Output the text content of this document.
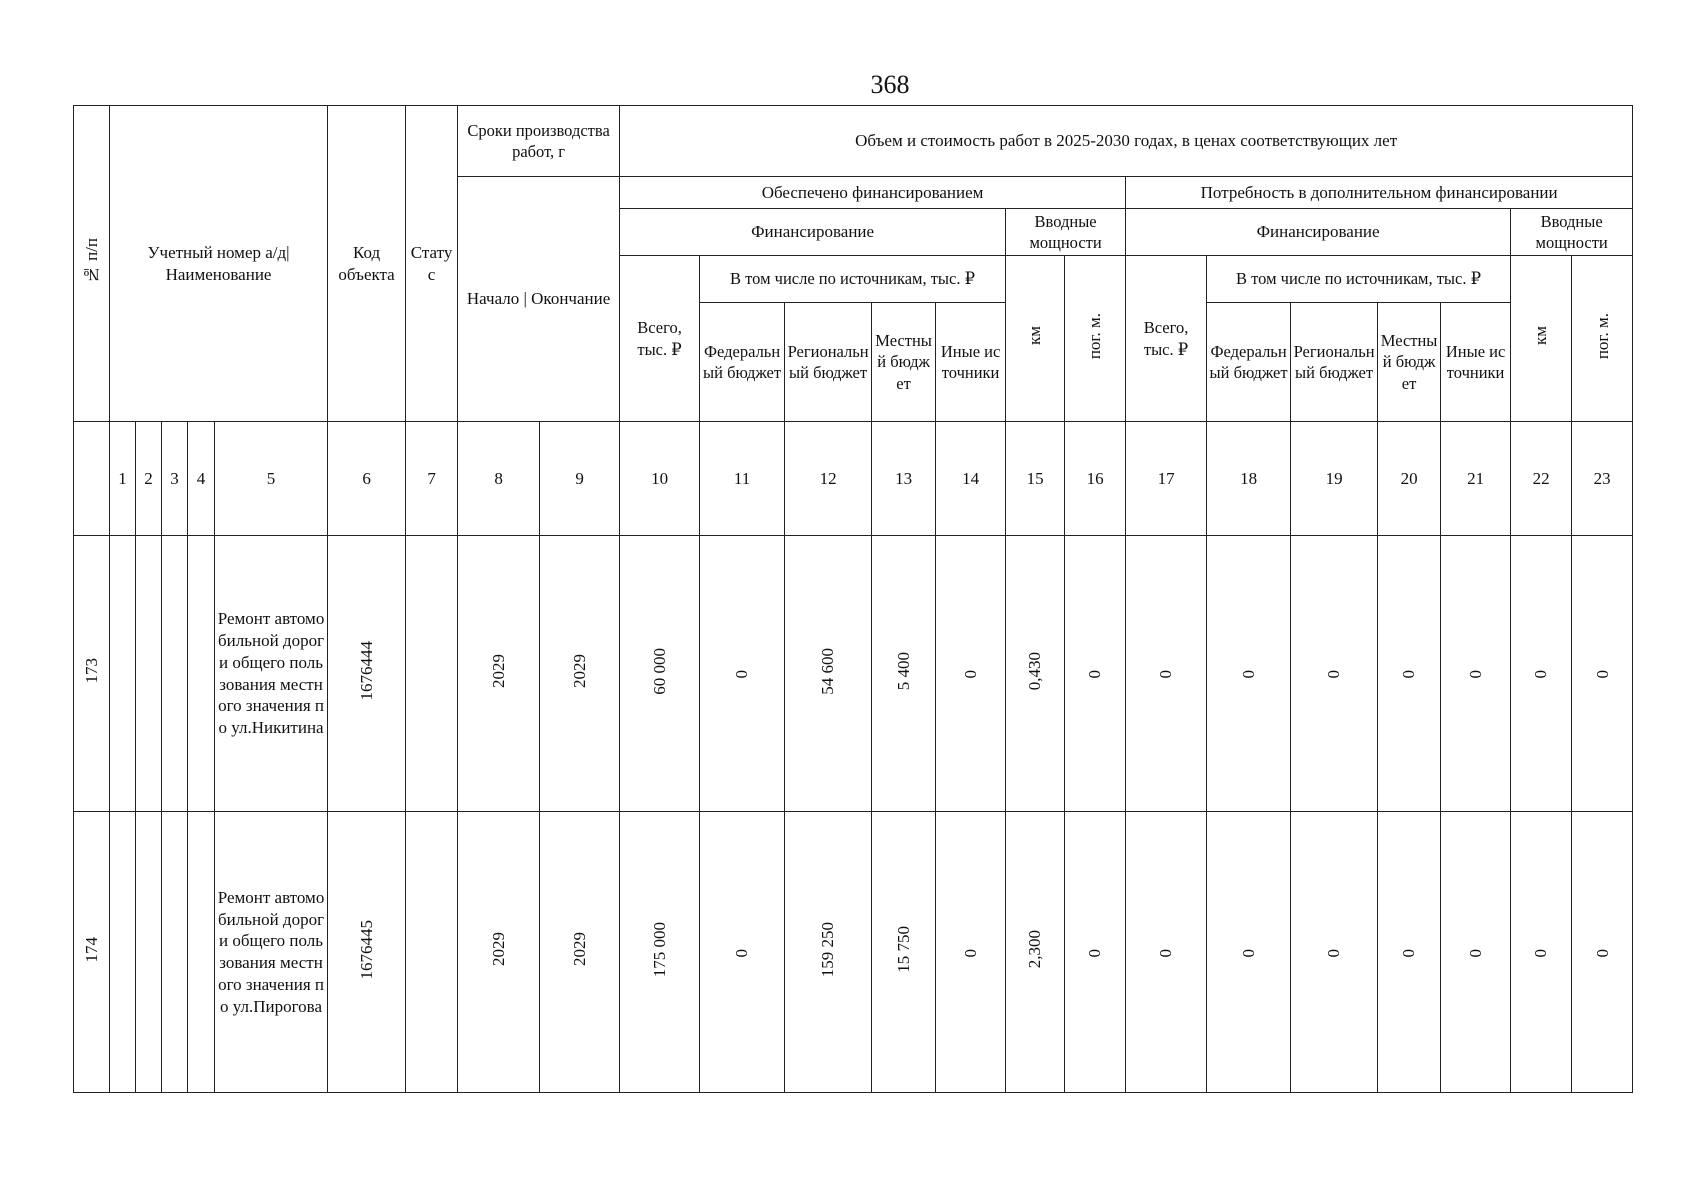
368
№ п/п	Учетный номер а/д| Наименование					Код объекта	Статус	Сроки производства работ, г		Объем и стоимость работ в 2025-2030 годах, в ценах соответствующих лет													
								Начало | Окончание		Обеспечено финансированием							Потребность в дополнительном финансировании						
										Финансирование					Вводные мощности		Финансирование					Вводные мощности	
										Всего, тыс. ₽	В том числе по источникам, тыс. ₽				км	пог. м.	Всего, тыс. ₽	В том числе по источникам, тыс. ₽				км	пог. м.
											Федеральный бюджет	Региональный бюджет	Местный бюджет	Иные источники				Федеральный бюджет	Региональный бюджет	Местный бюджет	Иные источники		
	1	2	3	4	5	6	7	8	9	10	11	12	13	14	15	16	17	18	19	20	21	22	23
173					Ремонт автомобильной дороги общего пользования местного значения по ул.Никитина	1676444		2029	2029	60 000	0	54 600	5 400	0	0,430	0	0	0	0	0	0	0	0
174					Ремонт автомобильной дороги общего пользования местного значения по ул.Пирогова	1676445		2029	2029	175 000	0	159 250	15 750	0	2,300	0	0	0	0	0	0	0	0
